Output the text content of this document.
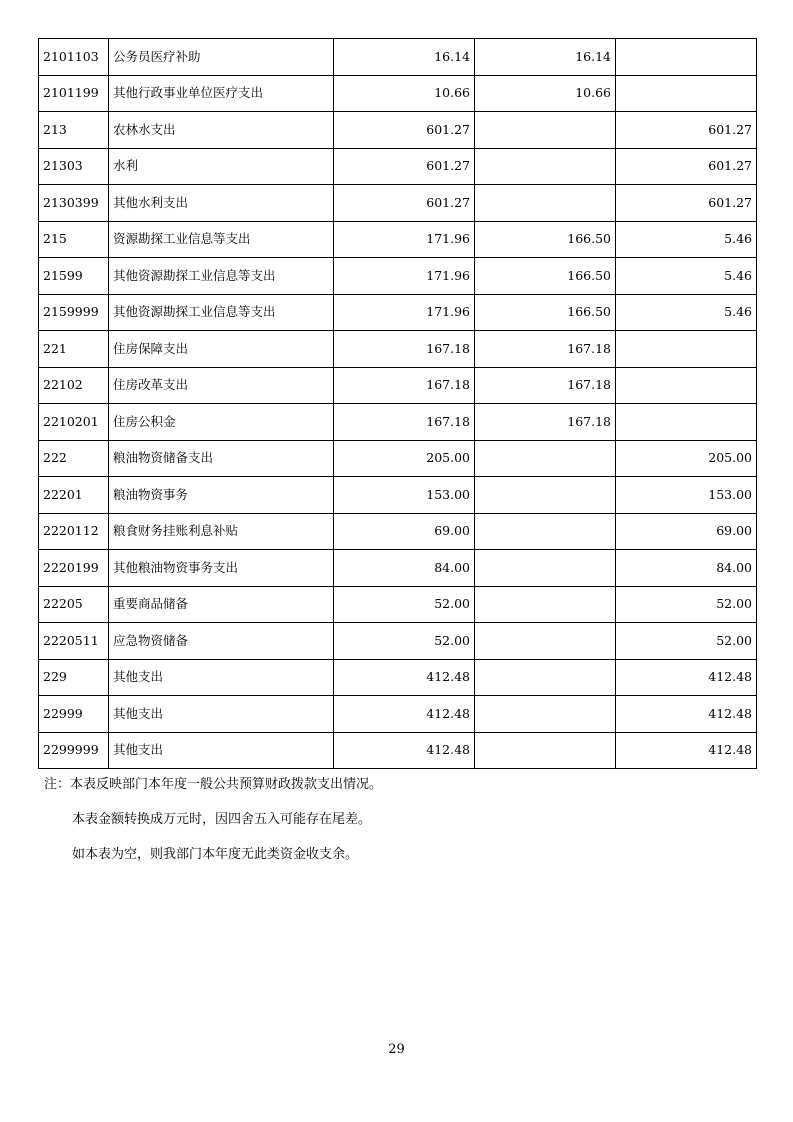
2101103	公务员医疗补助	16.14	16.14	
2101199	其他行政事业单位医疗支出	10.66	10.66	
213	农林水支出	601.27		601.27
21303	水利	601.27		601.27
2130399	其他水利支出	601.27		601.27
215	资源勘探工业信息等支出	171.96	166.50	5.46
21599	其他资源勘探工业信息等支出	171.96	166.50	5.46
2159999	其他资源勘探工业信息等支出	171.96	166.50	5.46
221	住房保障支出	167.18	167.18	
22102	住房改革支出	167.18	167.18	
2210201	住房公积金	167.18	167.18	
222	粮油物资储备支出	205.00		205.00
22201	粮油物资事务	153.00		153.00
2220112	粮食财务挂账利息补贴	69.00		69.00
2220199	其他粮油物资事务支出	84.00		84.00
22205	重要商品储备	52.00		52.00
2220511	应急物资储备	52.00		52.00
229	其他支出	412.48		412.48
22999	其他支出	412.48		412.48
2299999	其他支出	412.48		412.48
注：本表反映部门本年度一般公共预算财政拨款支出情况。
本表金额转换成万元时，因四舍五入可能存在尾差。
如本表为空，则我部门本年度无此类资金收支余。
29
